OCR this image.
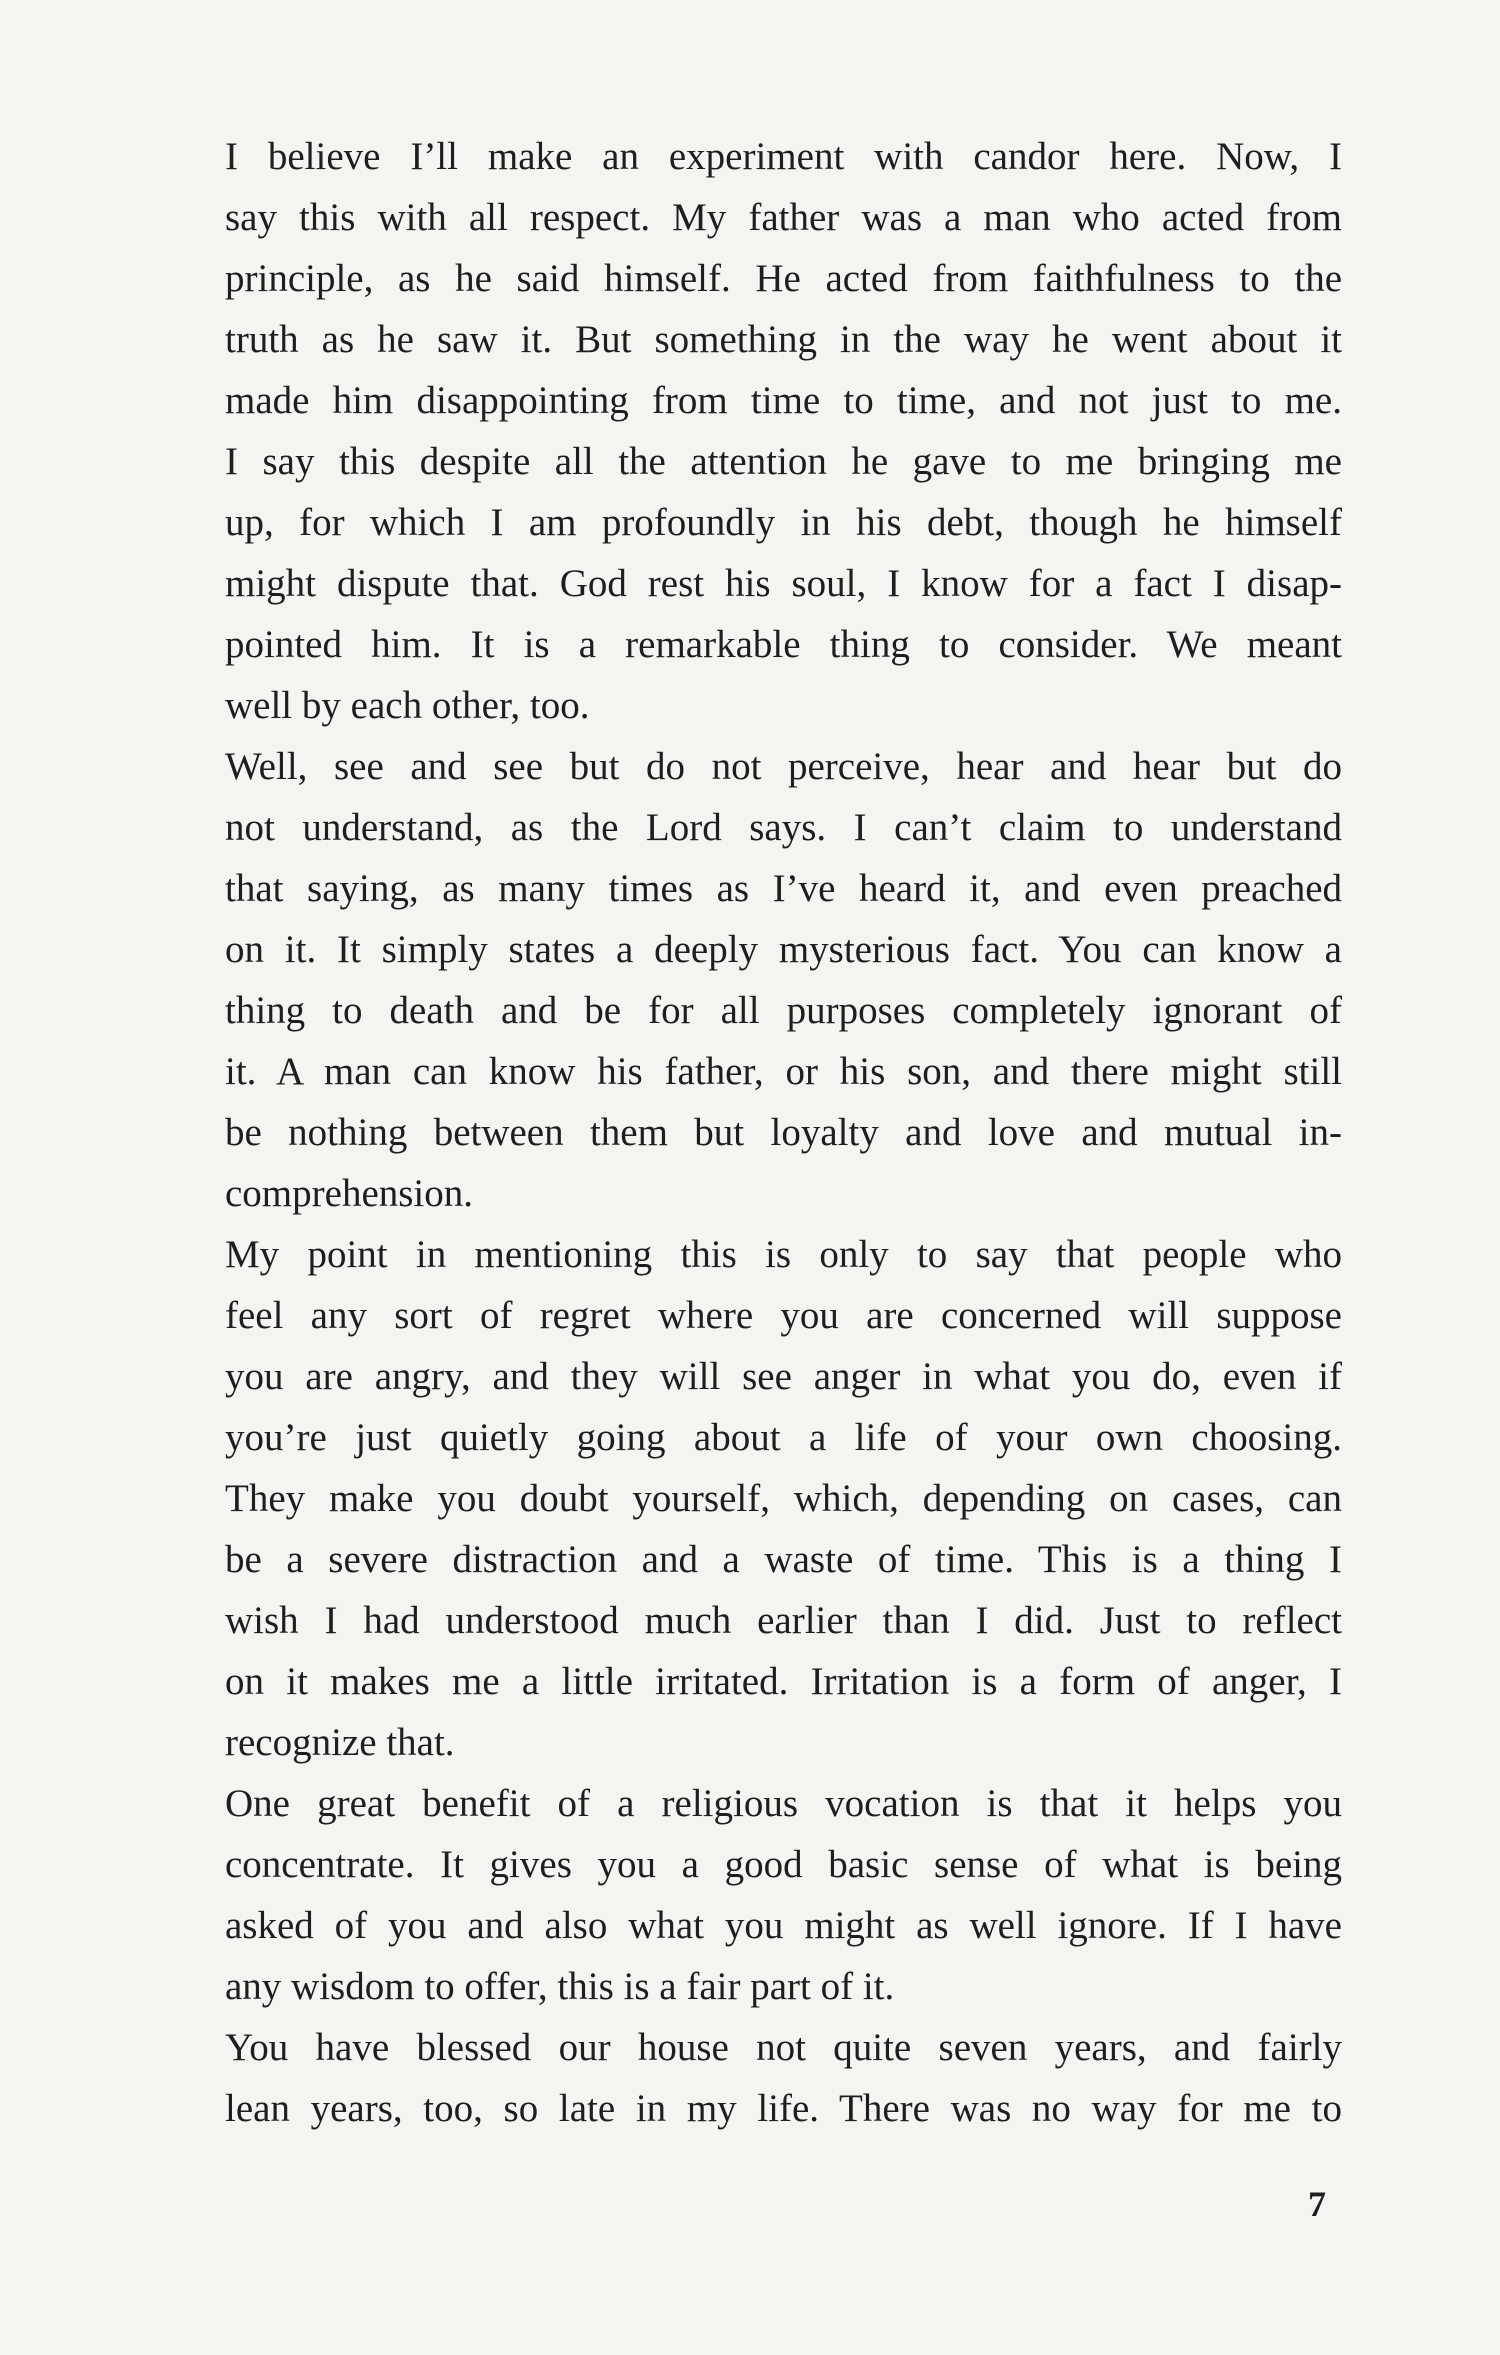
I believe I’ll make an experiment with candor here. Now, I
say this with all respect. My father was a man who acted from
principle, as he said himself. He acted from faithfulness to the
truth as he saw it. But something in the way he went about it
made him disappointing from time to time, and not just to me.
I say this despite all the attention he gave to me bringing me
up, for which I am profoundly in his debt, though he himself
might dispute that. God rest his soul, I know for a fact I disap-
pointed him. It is a remarkable thing to consider. We meant
well by each other, too.

Well, see and see but do not perceive, hear and hear but do
not understand, as the Lord says. I can’t claim to understand
that saying, as many times as I’ve heard it, and even preached
on it. It simply states a deeply mysterious fact. You can know a
thing to death and be for all purposes completely ignorant of
it. A man can know his father, or his son, and there might still
be nothing between them but loyalty and love and mutual in-
comprehension.

My point in mentioning this is only to say that people who
feel any sort of regret where you are concerned will suppose
you are angry, and they will see anger in what you do, even if
you’re just quietly going about a life of your own choosing.
They make you doubt yourself, which, depending on cases, can
be a severe distraction and a waste of time. This is a thing I
wish I had understood much earlier than I did. Just to reflect
on it makes me a little irritated. Irritation is a form of anger, I
recognize that.

One great benefit of a religious vocation is that it helps you
concentrate. It gives you a good basic sense of what is being
asked of you and also what you might as well ignore. If I have
any wisdom to offer, this is a fair part of it.

You have blessed our house not quite seven years, and fairly
lean years, too, so late in my life. There was no way for me to

7
